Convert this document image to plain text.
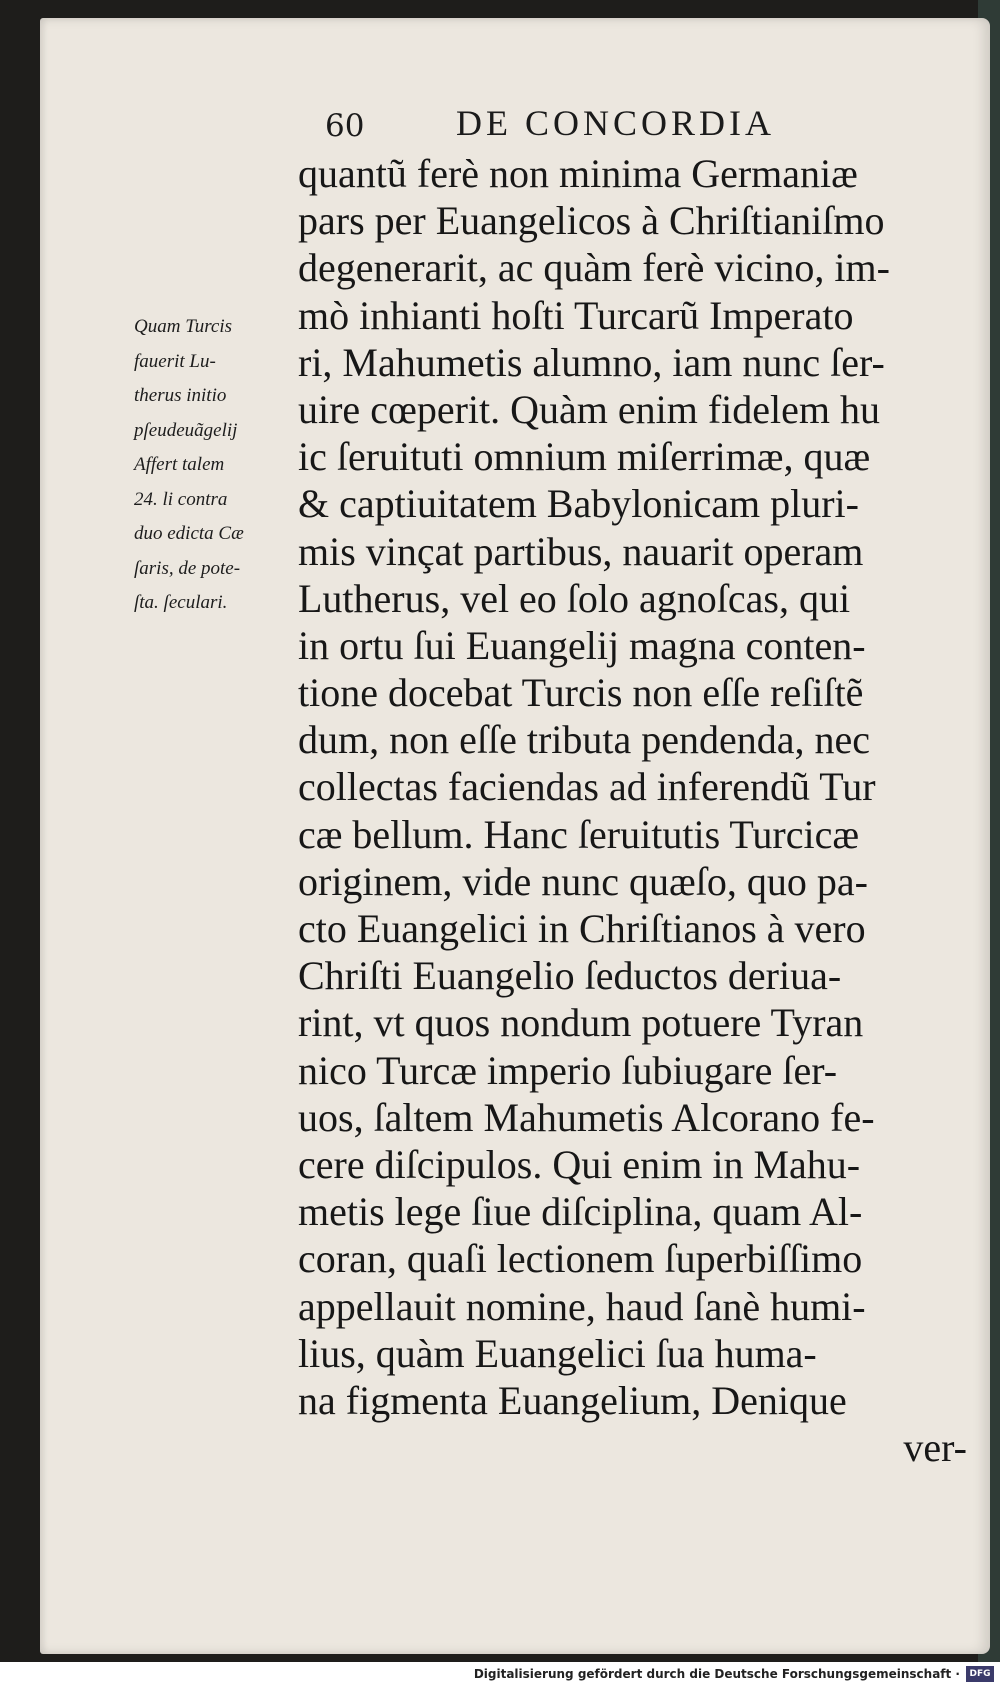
60	DE CONCORDIA
Quam Turcis
fauerit Lu-
therus initio
pſeudeuãgelij
Affert talem
24. li contra
duo edicta Cæ
ſaris, de pote-
ſta. ſeculari.
quantũ ferè non minima Germaniæ
pars per Euangelicos à Chriſtianiſmo
degenerarit, ac quàm ferè vicino, im-
mò inhianti hoſti Turcarũ Imperato
ri, Mahumetis alumno, iam nunc ſer-
uire cœperit. Quàm enim fidelem hu
ic ſeruituti omnium miſerrimæ, quæ
& captiuitatem Babylonicam pluri-
mis vinçat partibus, nauarit operam
Lutherus, vel eo ſolo agnoſcas, qui
in ortu ſui Euangelij magna conten-
tione docebat Turcis non eſſe reſiſtẽ
dum, non eſſe tributa pendenda, nec
collectas faciendas ad inferendũ Tur
cæ bellum. Hanc ſeruitutis Turcicæ
originem, vide nunc quæſo, quo pa-
cto Euangelici in Chriſtianos à vero
Chriſti Euangelio ſeductos deriua-
rint, vt quos nondum potuere Tyran
nico Turcæ imperio ſubiugare ſer-
uos, ſaltem Mahumetis Alcorano fe-
cere diſcipulos. Qui enim in Mahu-
metis lege ſiue diſciplina, quam Al-
coran, quaſi lectionem ſuperbiſſimo
appellauit nomine, haud ſanè humi-
lius, quàm Euangelici ſua huma-
na figmenta Euangelium, Denique
ver-
Digitalisierung gefördert durch die Deutsche Forschungsgemeinschaft ·	DFG
